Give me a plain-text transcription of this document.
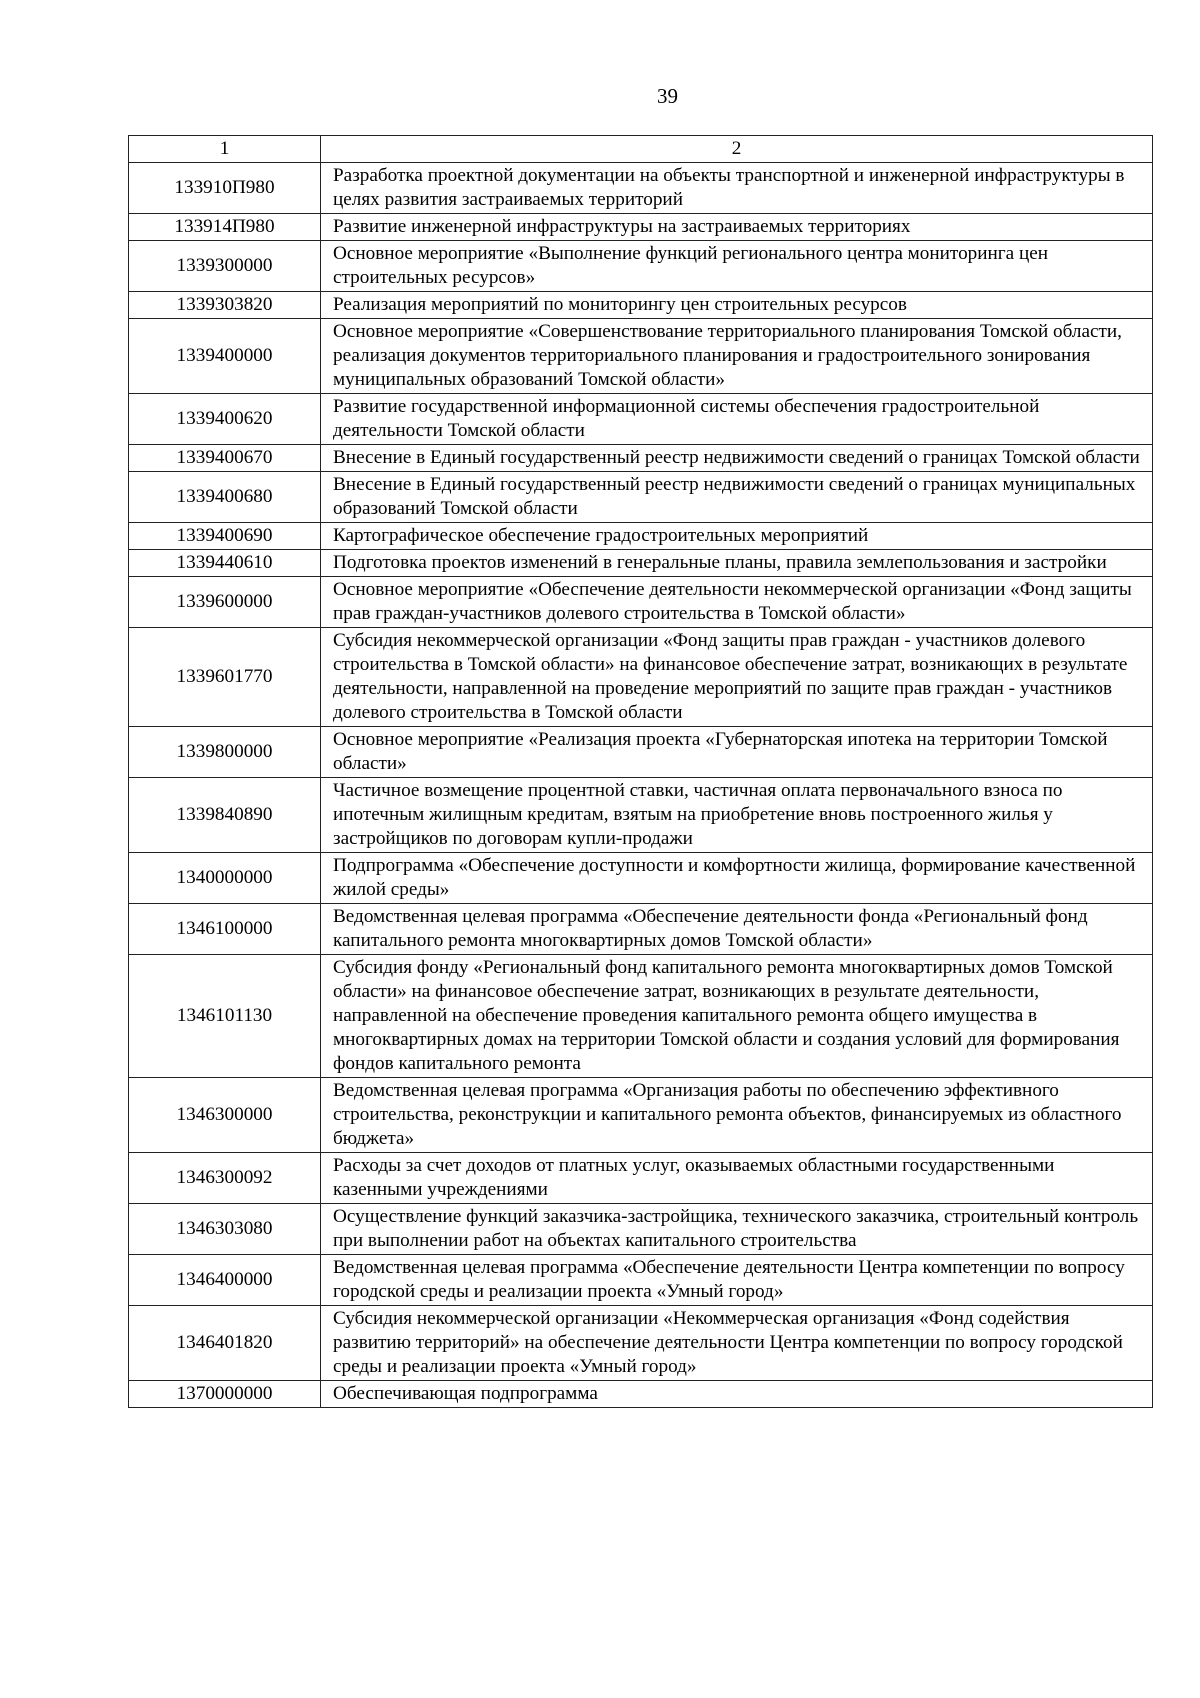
39
1	2
133910П980	Разработка проектной документации на объекты транспортной и инженерной инфраструктуры в целях развития застраиваемых территорий
133914П980	Развитие инженерной инфраструктуры на застраиваемых территориях
1339300000	Основное мероприятие «Выполнение функций регионального центра мониторинга цен строительных ресурсов»
1339303820	Реализация мероприятий по мониторингу цен строительных ресурсов
1339400000	Основное мероприятие «Совершенствование территориального планирования Томской области, реализация документов территориального планирования и градостроительного зонирования муниципальных образований Томской области»
1339400620	Развитие государственной информационной системы обеспечения градостроительной деятельности Томской области
1339400670	Внесение в Единый государственный реестр недвижимости сведений о границах Томской области
1339400680	Внесение в Единый государственный реестр недвижимости сведений о границах муниципальных образований Томской области
1339400690	Картографическое обеспечение градостроительных мероприятий
1339440610	Подготовка проектов изменений в генеральные планы, правила землепользования и застройки
1339600000	Основное мероприятие «Обеспечение деятельности некоммерческой организации «Фонд защиты прав граждан-участников долевого строительства в Томской области»
1339601770	Субсидия некоммерческой организации «Фонд защиты прав граждан - участников долевого строительства в Томской области» на финансовое обеспечение затрат, возникающих в результате деятельности, направленной на проведение мероприятий по защите прав граждан - участников долевого строительства в Томской области
1339800000	Основное мероприятие «Реализация проекта «Губернаторская ипотека на территории Томской области»
1339840890	Частичное возмещение процентной ставки, частичная оплата первоначального взноса по ипотечным жилищным кредитам, взятым на приобретение вновь построенного жилья у застройщиков по договорам купли-продажи
1340000000	Подпрограмма «Обеспечение доступности и комфортности жилища, формирование качественной жилой среды»
1346100000	Ведомственная целевая программа «Обеспечение деятельности фонда «Региональный фонд капитального ремонта многоквартирных домов Томской области»
1346101130	Субсидия фонду «Региональный фонд капитального ремонта многоквартирных домов Томской области» на финансовое обеспечение затрат, возникающих в результате деятельности, направленной на обеспечение проведения капитального ремонта общего имущества в многоквартирных домах на территории Томской области и создания условий для формирования фондов капитального ремонта
1346300000	Ведомственная целевая программа «Организация работы по обеспечению эффективного строительства, реконструкции и капитального ремонта объектов, финансируемых из областного бюджета»
1346300092	Расходы за счет доходов от платных услуг, оказываемых областными государственными казенными учреждениями
1346303080	Осуществление функций заказчика-застройщика, технического заказчика, строительный контроль при выполнении работ на объектах капитального строительства
1346400000	Ведомственная целевая программа «Обеспечение деятельности Центра компетенции по вопросу городской среды и реализации проекта «Умный город»
1346401820	Субсидия некоммерческой организации «Некоммерческая организация «Фонд содействия развитию территорий» на обеспечение деятельности Центра компетенции по вопросу городской среды и реализации проекта «Умный город»
1370000000	Обеспечивающая подпрограмма
